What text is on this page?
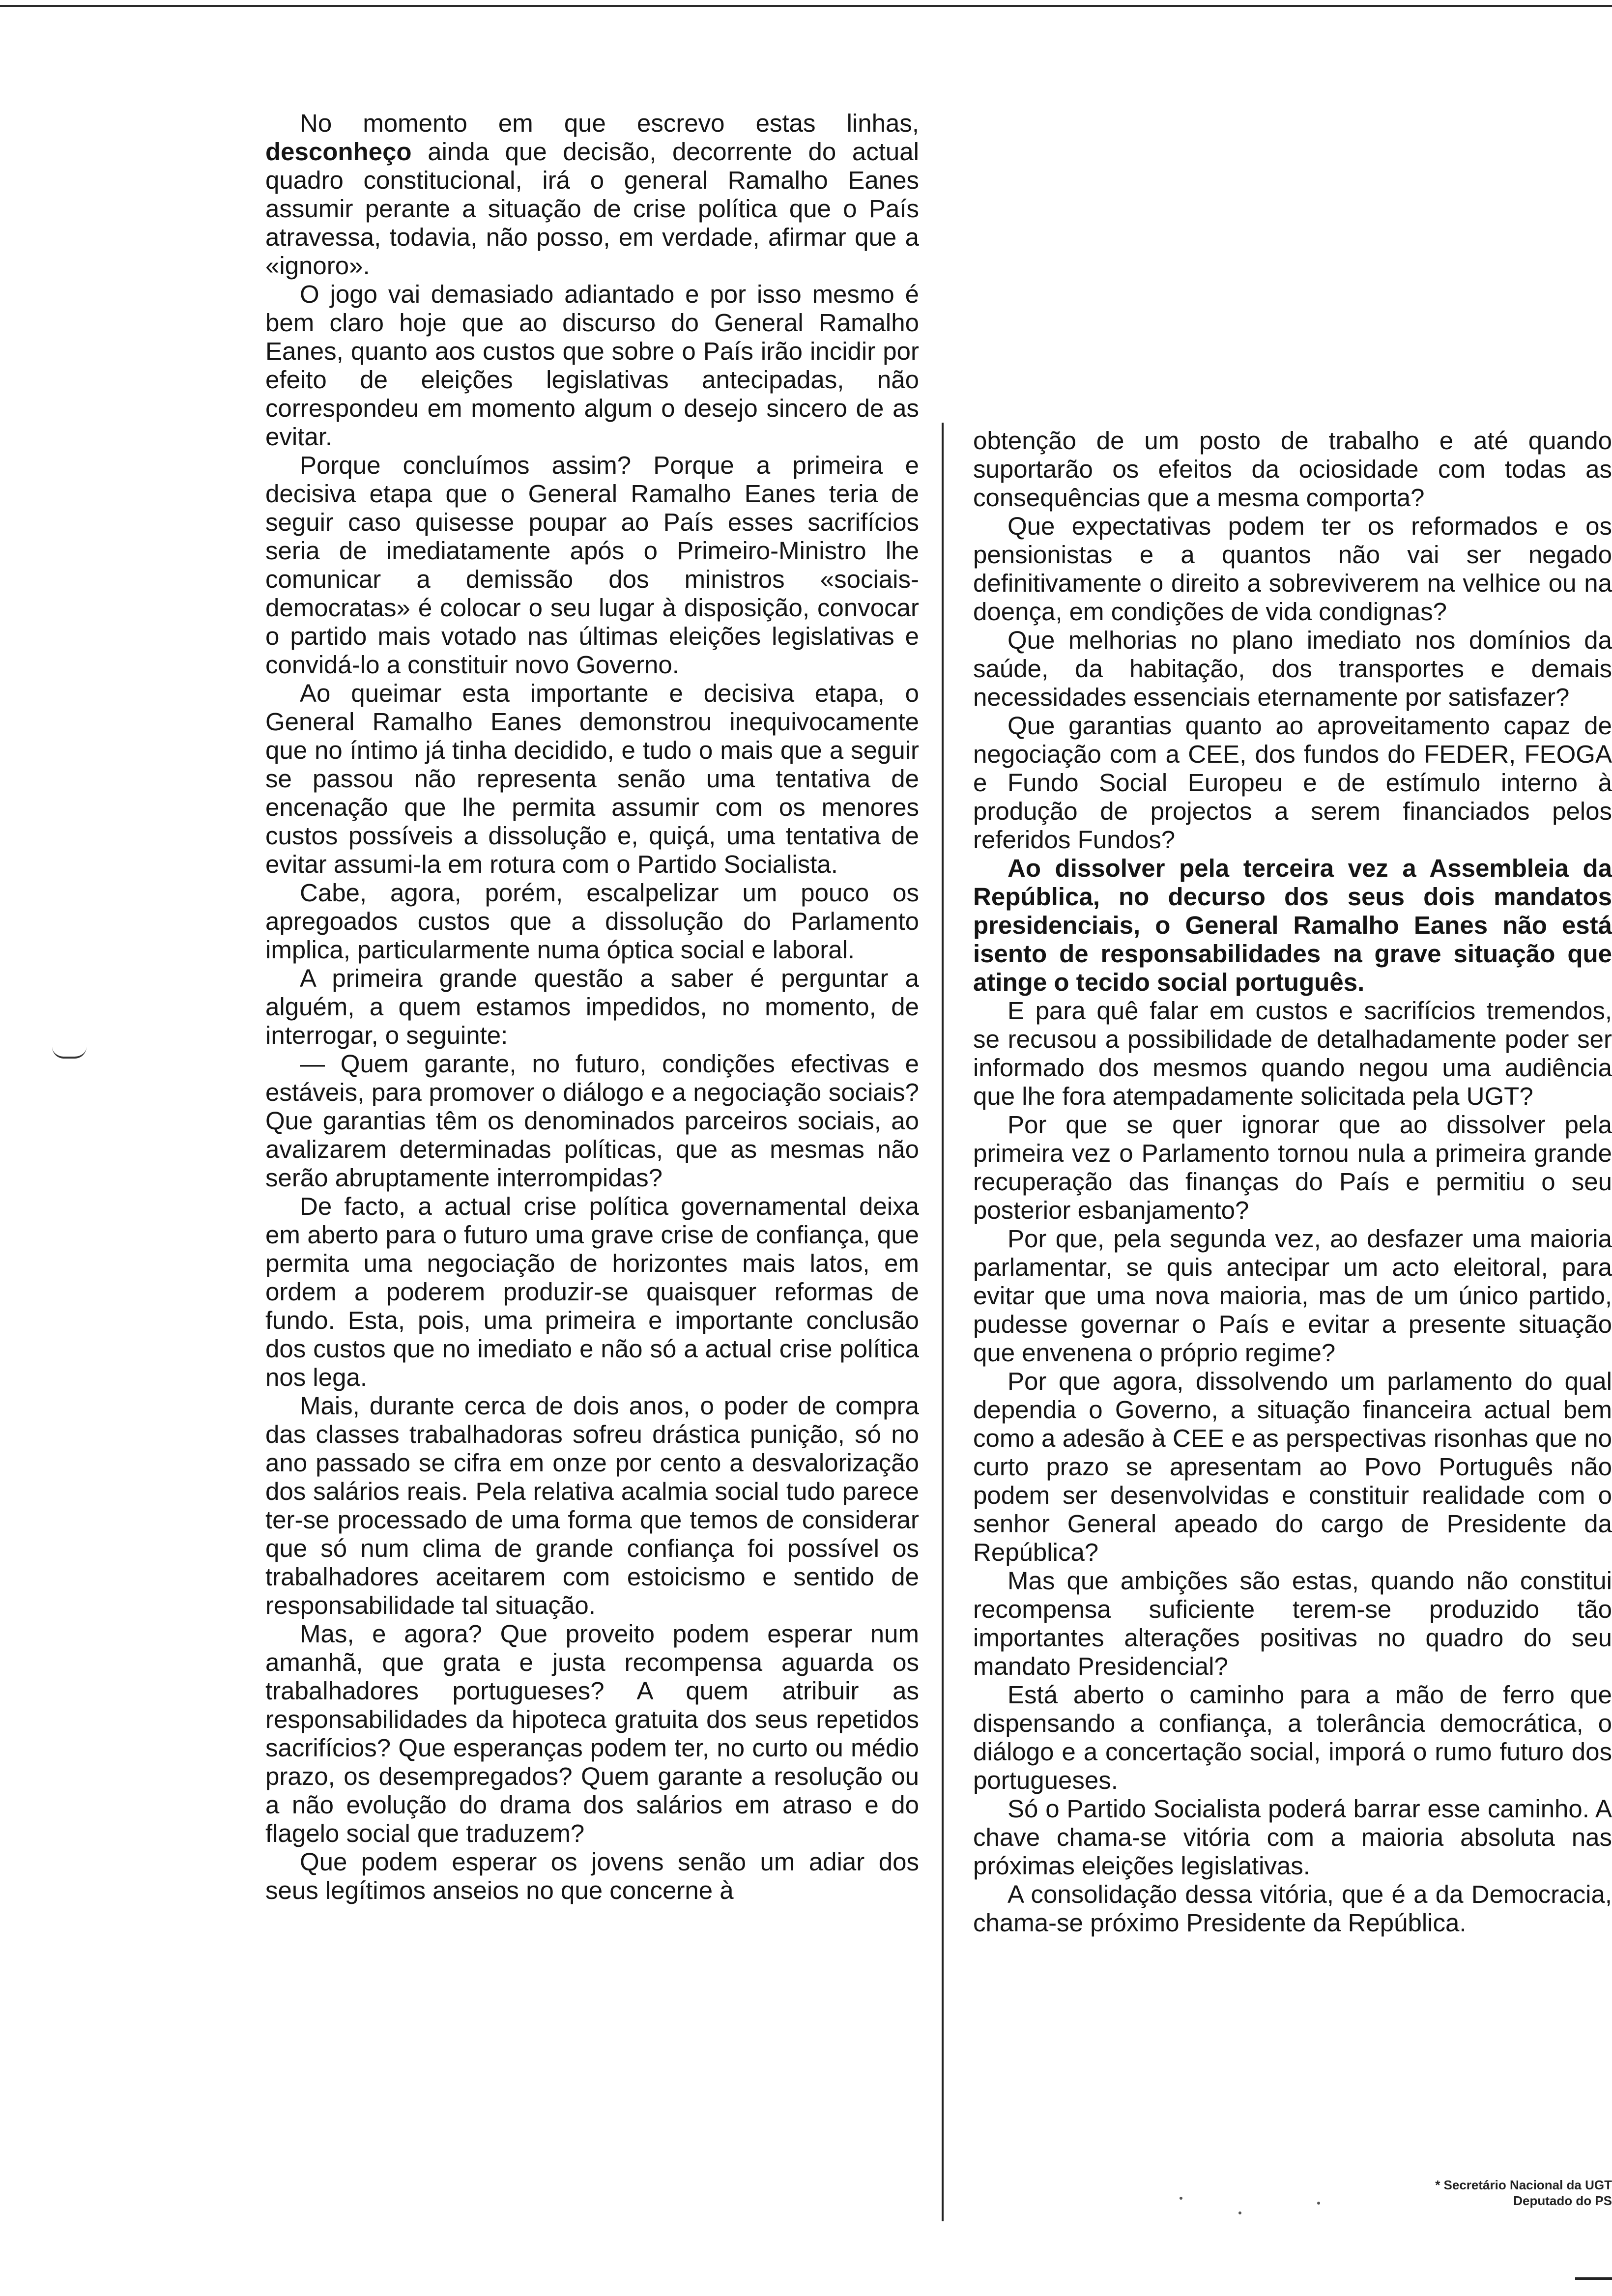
No momento em que escrevo estas linhas, desconheço ainda que decisão, decorrente do actual quadro constitucional, irá o general Ramalho Eanes assumir perante a situação de crise política que o País atravessa, todavia, não posso, em verdade, afirmar que a «ignoro».

O jogo vai demasiado adiantado e por isso mesmo é bem claro hoje que ao discurso do General Ramalho Eanes, quanto aos custos que sobre o País irão incidir por efeito de eleições legislativas antecipadas, não correspondeu em momento algum o desejo sincero de as evitar.

Porque concluímos assim? Porque a primeira e decisiva etapa que o General Ramalho Eanes teria de seguir caso quisesse poupar ao País esses sacrifícios seria de imediatamente após o Primeiro-Ministro lhe comunicar a demissão dos ministros «sociais-democratas» é colocar o seu lugar à disposição, convocar o partido mais votado nas últimas eleições legislativas e convidá-lo a constituir novo Governo.

Ao queimar esta importante e decisiva etapa, o General Ramalho Eanes demonstrou inequivocamente que no íntimo já tinha decidido, e tudo o mais que a seguir se passou não representa senão uma tentativa de encenação que lhe permita assumir com os menores custos possíveis a dissolução e, quiçá, uma tentativa de evitar assumi-la em rotura com o Partido Socialista.

Cabe, agora, porém, escalpelizar um pouco os apregoados custos que a dissolução do Parlamento implica, particularmente numa óptica social e laboral.

A primeira grande questão a saber é perguntar a alguém, a quem estamos impedidos, no momento, de interrogar, o seguinte:

— Quem garante, no futuro, condições efectivas e estáveis, para promover o diálogo e a negociação sociais? Que garantias têm os denominados parceiros sociais, ao avalizarem determinadas políticas, que as mesmas não serão abruptamente interrompidas?

De facto, a actual crise política governamental deixa em aberto para o futuro uma grave crise de confiança, que permita uma negociação de horizontes mais latos, em ordem a poderem produzir-se quaisquer reformas de fundo. Esta, pois, uma primeira e importante conclusão dos custos que no imediato e não só a actual crise política nos lega.

Mais, durante cerca de dois anos, o poder de compra das classes trabalhadoras sofreu drástica punição, só no ano passado se cifra em onze por cento a desvalorização dos salários reais. Pela relativa acalmia social tudo parece ter-se processado de uma forma que temos de considerar que só num clima de grande confiança foi possível os trabalhadores aceitarem com estoicismo e sentido de responsabilidade tal situação.

Mas, e agora? Que proveito podem esperar num amanhã, que grata e justa recompensa aguarda os trabalhadores portugueses? A quem atribuir as responsabilidades da hipoteca gratuita dos seus repetidos sacrifícios? Que esperanças podem ter, no curto ou médio prazo, os desempregados? Quem garante a resolução ou a não evolução do drama dos salários em atraso e do flagelo social que traduzem?

Que podem esperar os jovens senão um adiar dos seus legítimos anseios no que concerne à

obtenção de um posto de trabalho e até quando suportarão os efeitos da ociosidade com todas as consequências que a mesma comporta?

Que expectativas podem ter os reformados e os pensionistas e a quantos não vai ser negado definitivamente o direito a sobreviverem na velhice ou na doença, em condições de vida condignas?

Que melhorias no plano imediato nos domínios da saúde, da habitação, dos transportes e demais necessidades essenciais eternamente por satisfazer?

Que garantias quanto ao aproveitamento capaz de negociação com a CEE, dos fundos do FEDER, FEOGA e Fundo Social Europeu e de estímulo interno à produção de projectos a serem financiados pelos referidos Fundos?

Ao dissolver pela terceira vez a Assembleia da República, no decurso dos seus dois mandatos presidenciais, o General Ramalho Eanes não está isento de responsabilidades na grave situação que atinge o tecido social português.

E para quê falar em custos e sacrifícios tremendos, se recusou a possibilidade de detalhadamente poder ser informado dos mesmos quando negou uma audiência que lhe fora atempadamente solicitada pela UGT?

Por que se quer ignorar que ao dissolver pela primeira vez o Parlamento tornou nula a primeira grande recuperação das finanças do País e permitiu o seu posterior esbanjamento?

Por que, pela segunda vez, ao desfazer uma maioria parlamentar, se quis antecipar um acto eleitoral, para evitar que uma nova maioria, mas de um único partido, pudesse governar o País e evitar a presente situação que envenena o próprio regime?

Por que agora, dissolvendo um parlamento do qual dependia o Governo, a situação financeira actual bem como a adesão à CEE e as perspectivas risonhas que no curto prazo se apresentam ao Povo Português não podem ser desenvolvidas e constituir realidade com o senhor General apeado do cargo de Presidente da República?

Mas que ambições são estas, quando não constitui recompensa suficiente terem-se produzido tão importantes alterações positivas no quadro do seu mandato Presidencial?

Está aberto o caminho para a mão de ferro que dispensando a confiança, a tolerância democrática, o diálogo e a concertação social, imporá o rumo futuro dos portugueses.

Só o Partido Socialista poderá barrar esse caminho. A chave chama-se vitória com a maioria absoluta nas próximas eleições legislativas.

A consolidação dessa vitória, que é a da Democracia, chama-se próximo Presidente da República.

* Secretário Nacional da UGT
Deputado do PS
